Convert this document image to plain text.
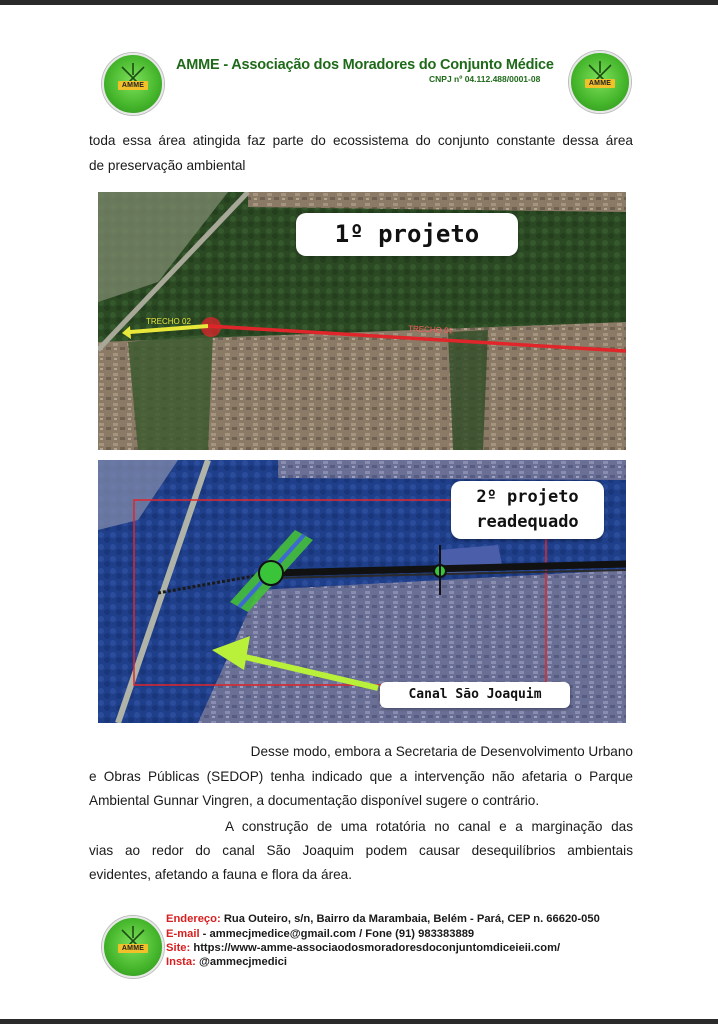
AMME	AMME
AMME - Associação dos Moradores do Conjunto Médice
CNPJ nº 04.112.488/0001-08
toda essa área atingida faz parte do ecossistema do conjunto constante dessa área
de preservação ambiental
TRECHO 02
TRECHO 01
1º projeto
2º projeto
readequado
Canal São Joaquim
Desse modo, embora a Secretaria de Desenvolvimento Urbano
e Obras Públicas (SEDOP) tenha indicado que a intervenção não afetaria o Parque
Ambiental Gunnar Vingren, a documentação disponível sugere o contrário.
A construção de uma rotatória no canal e a marginação das
vias ao redor do canal São Joaquim podem causar desequilíbrios ambientais
evidentes, afetando a fauna e flora da área.
AMME
Endereço: Rua Outeiro, s/n, Bairro da Marambaia, Belém - Pará, CEP n. 66620-050
E-mail - ammecjmedice@gmail.com / Fone (91) 983383889
Site: https://www-amme-associaodosmoradoresdoconjuntomdiceieii.com/
Insta: @ammecjmedici
